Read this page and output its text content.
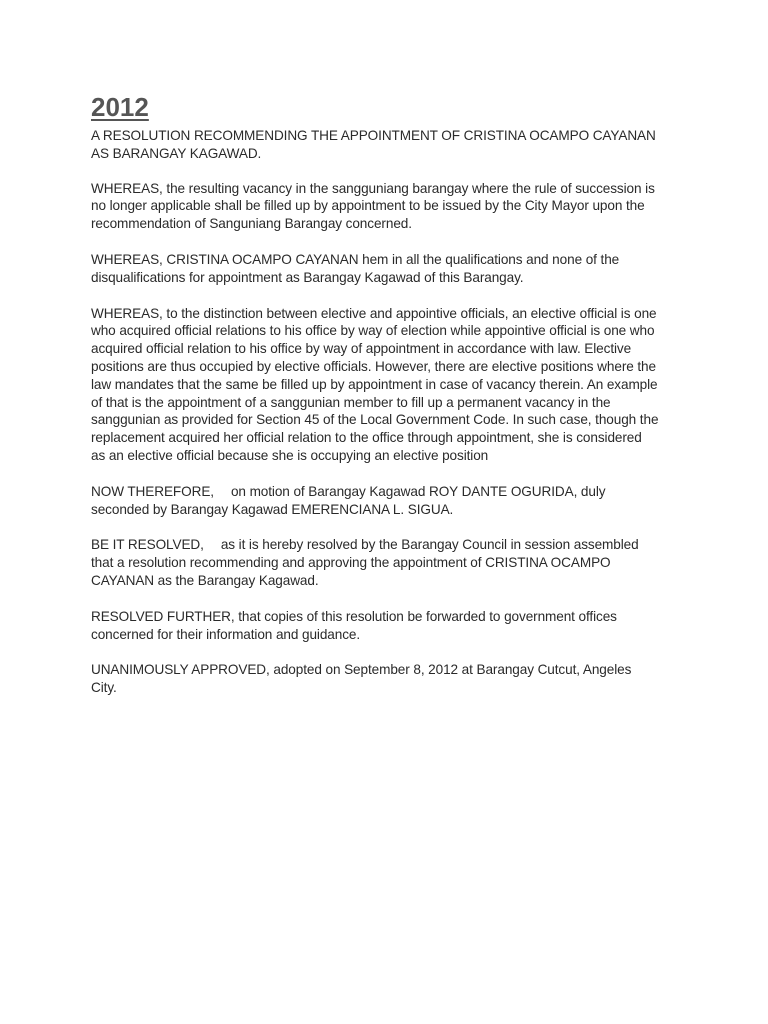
2012
A RESOLUTION RECOMMENDING THE APPOINTMENT OF CRISTINA OCAMPO CAYANAN
AS BARANGAY KAGAWAD.
WHEREAS, the resulting vacancy in the sangguniang barangay where the rule of succession is
no longer applicable shall be filled up by appointment to be issued by the City Mayor upon the
recommendation of Sanguniang Barangay concerned.
WHEREAS, CRISTINA OCAMPO CAYANAN hem in all the qualifications and none of the
disqualifications for appointment as Barangay Kagawad of this Barangay.
WHEREAS, to the distinction between elective and appointive officials, an elective official is one
who acquired official relations to his office by way of election while appointive official is one who
acquired official relation to his office by way of appointment in accordance with law. Elective
positions are thus occupied by elective officials. However, there are elective positions where the
law mandates that the same be filled up by appointment in case of vacancy therein. An example
of that is the appointment of a sanggunian member to fill up a permanent vacancy in the
sanggunian as provided for Section 45 of the Local Government Code. In such case, though the
replacement acquired her official relation to the office through appointment, she is considered
as an elective official because she is occupying an elective position
NOW THEREFORE, on motion of Barangay Kagawad ROY DANTE OGURIDA, duly
seconded by Barangay Kagawad EMERENCIANA L. SIGUA.
BE IT RESOLVED, as it is hereby resolved by the Barangay Council in session assembled
that a resolution recommending and approving the appointment of CRISTINA OCAMPO
CAYANAN as the Barangay Kagawad.
RESOLVED FURTHER, that copies of this resolution be forwarded to government offices
concerned for their information and guidance.
UNANIMOUSLY APPROVED, adopted on September 8, 2012 at Barangay Cutcut, Angeles
City.
